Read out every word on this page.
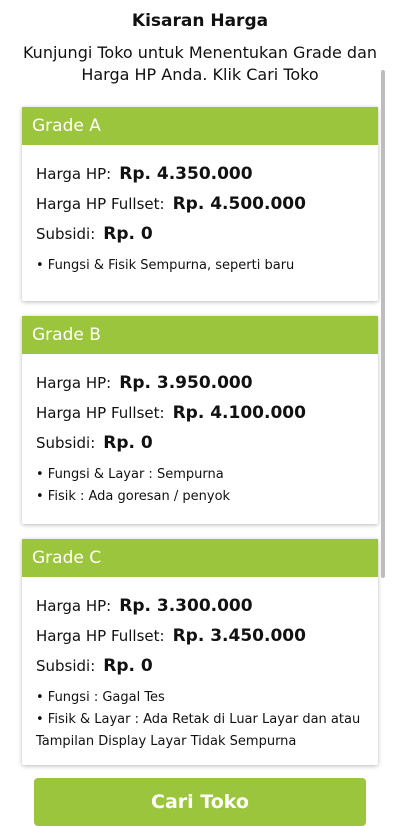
Kisaran Harga
Kunjungi Toko untuk Menentukan Grade dan Harga HP Anda. Klik Cari Toko
Grade A
Harga HP: Rp. 4.350.000
Harga HP Fullset: Rp. 4.500.000
Subsidi: Rp. 0
• Fungsi & Fisik Sempurna, seperti baru
Grade B
Harga HP: Rp. 3.950.000
Harga HP Fullset: Rp. 4.100.000
Subsidi: Rp. 0
• Fungsi & Layar : Sempurna
• Fisik : Ada goresan / penyok
Grade C
Harga HP: Rp. 3.300.000
Harga HP Fullset: Rp. 3.450.000
Subsidi: Rp. 0
• Fungsi : Gagal Tes
• Fisik & Layar : Ada Retak di Luar Layar dan atau Tampilan Display Layar Tidak Sempurna
Cari Toko
